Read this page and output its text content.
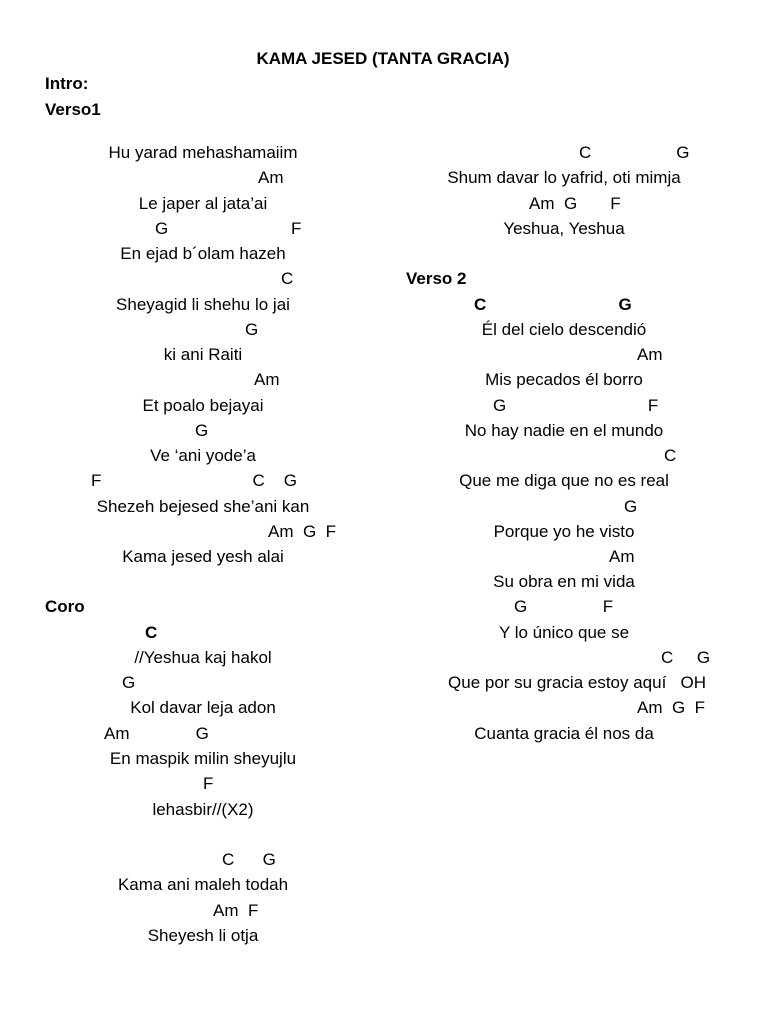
KAMA JESED (TANTA GRACIA)
Intro:
Verso1
Coro
Verso 2
Hu yarad mehashamaiim
Am
Le japer al jata’ai
G                          F
En ejad b´olam hazeh
C
Sheyagid li shehu lo jai
G
ki ani Raiti
Am
Et poalo bejayai
G
Ve ‘ani yode’a
F                                C    G
Shezeh bejesed she’ani kan
Am  G  F
Kama jesed yesh alai
C
//Yeshua kaj hakol
G
Kol davar leja adon
Am              G
En maspik milin sheyujlu
F
lehasbir//(X2)
C      G
Kama ani maleh todah
Am  F
Sheyesh li otja
C                  G
Shum davar lo yafrid, oti mimja
Am  G       F
Yeshua, Yeshua
C                            G
Él del cielo descendió
Am
Mis pecados él borro
G                              F
No hay nadie en el mundo
C
Que me diga que no es real
G
Porque yo he visto
Am
Su obra en mi vida
G                F
Y lo único que se
C     G
Que por su gracia estoy aquí   OH
Am  G  F
Cuanta gracia él nos da
